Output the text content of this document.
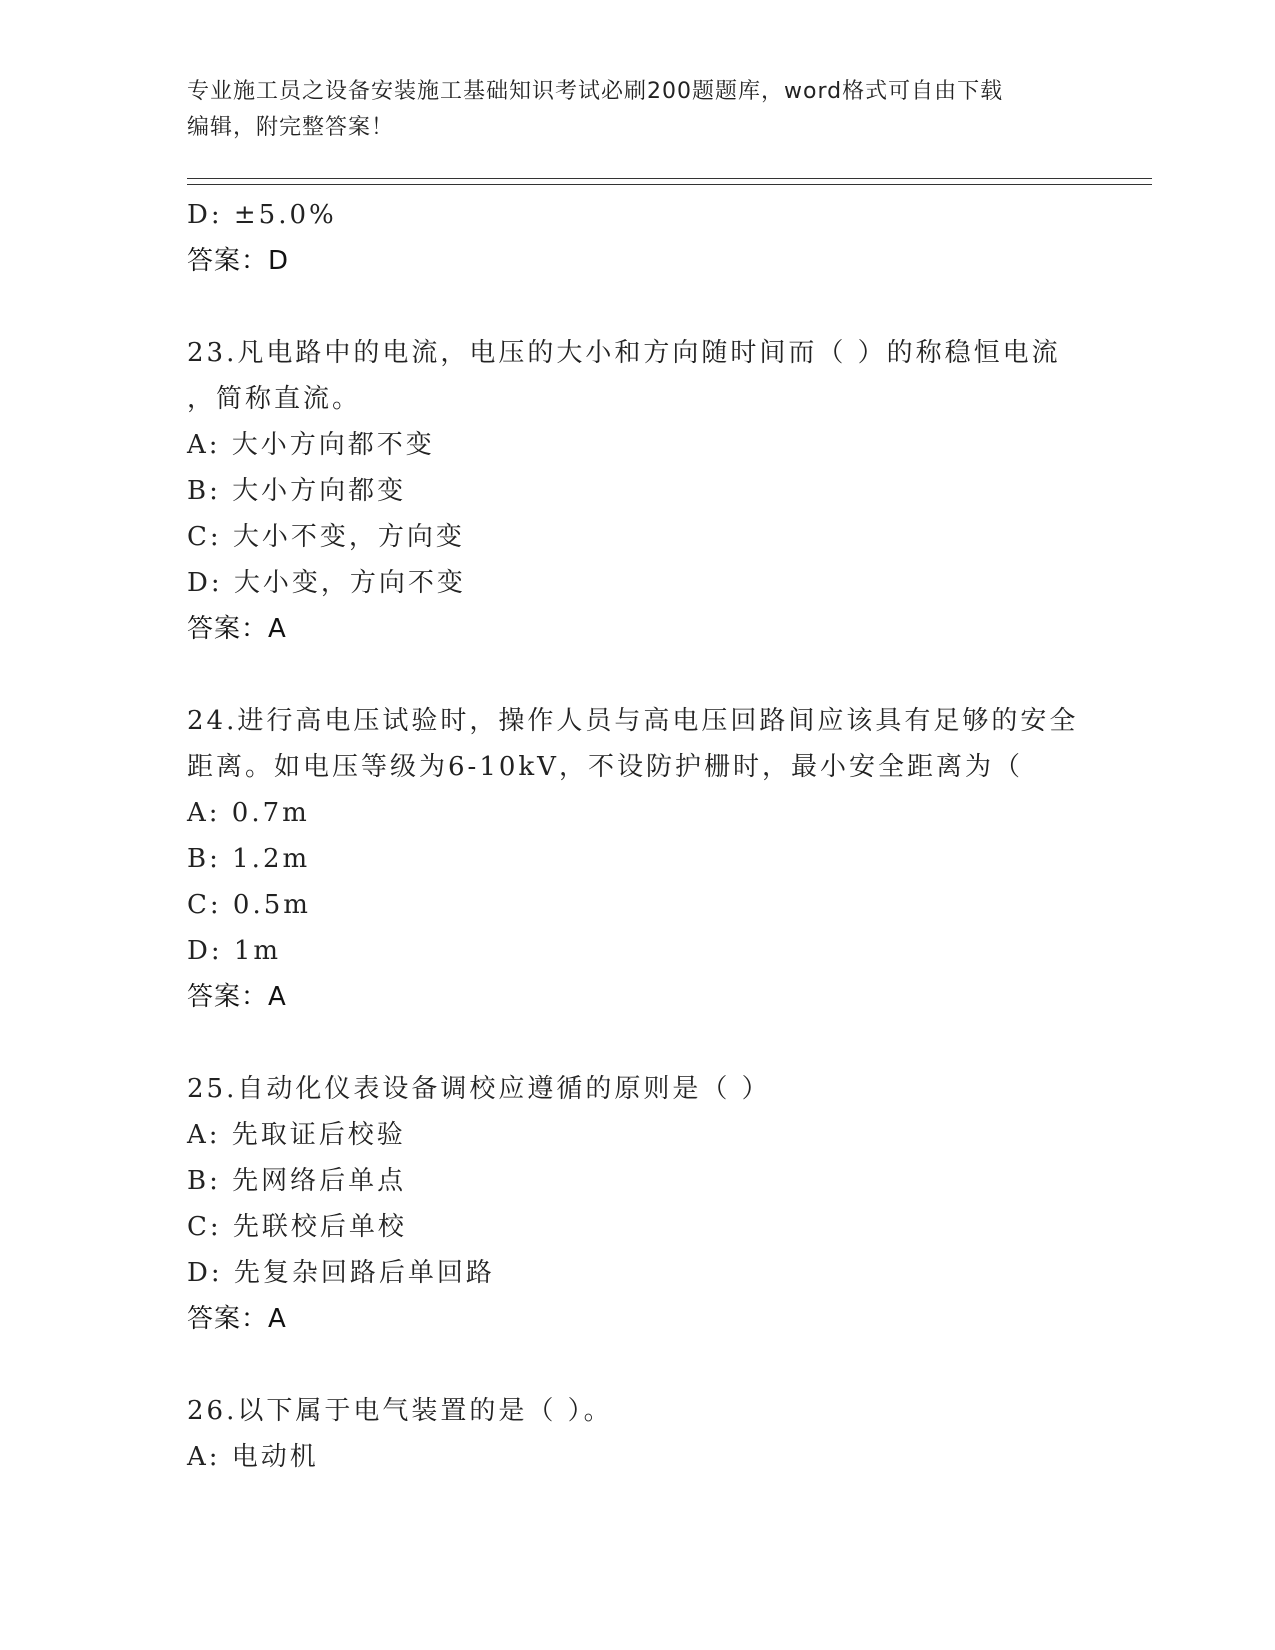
专业施工员之设备安装施工基础知识考试必刷200题题库，word格式可自由下载
编辑，附完整答案！
D: ±5.0%
答案：D
23.凡电路中的电流，电压的大小和方向随时间而（ ）的称稳恒电流
，简称直流。
A: 大小方向都不变
B: 大小方向都变
C: 大小不变，方向变
D: 大小变，方向不变
答案：A
24.进行高电压试验时，操作人员与高电压回路间应该具有足够的安全
距离。如电压等级为6-10kV，不设防护栅时，最小安全距离为（
A: 0.7m
B: 1.2m
C: 0.5m
D: 1m
答案：A
25.自动化仪表设备调校应遵循的原则是（ ）
A: 先取证后校验
B: 先网络后单点
C: 先联校后单校
D: 先复杂回路后单回路
答案：A
26.以下属于电气装置的是（ ）。
A: 电动机
